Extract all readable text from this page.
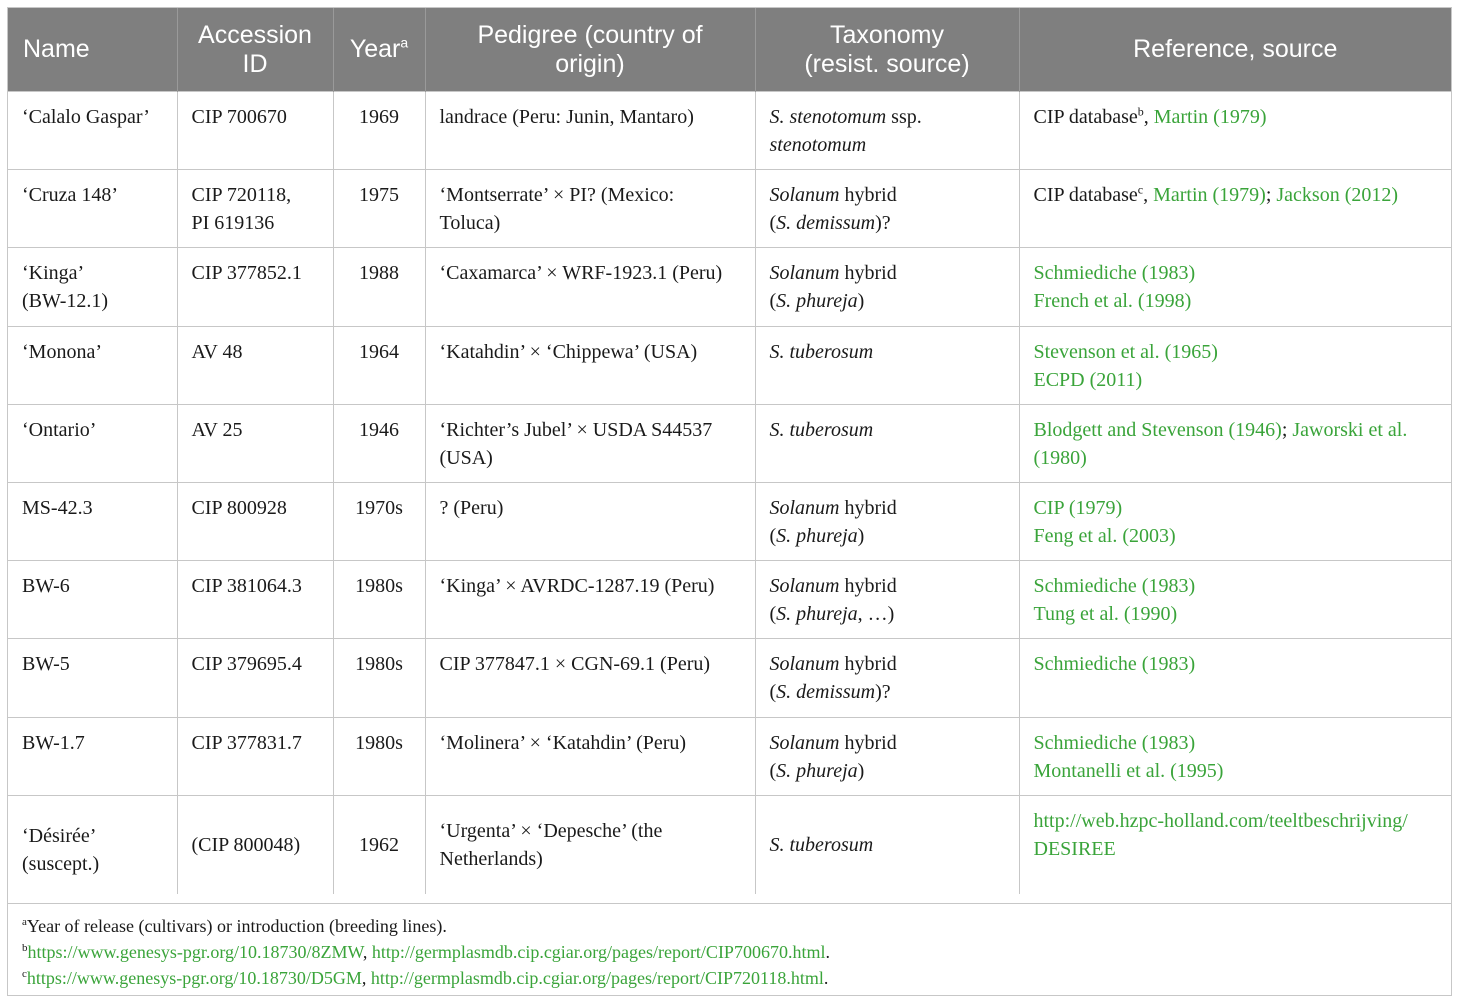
Name	Accession
ID	Year$^a$	Pedigree (country of
origin)	Taxonomy
(resist. source)	Reference, source
‘Calalo Gaspar’	CIP 700670	1969	landrace (Peru: Junin, Mantaro)	S. stenotomum ssp.
stenotomum	CIP database$^b$, Martin (1979)
‘Cruza 148’	CIP 720118,
PI 619136	1975	‘Montserrate’ × PI? (Mexico:
Toluca)	Solanum hybrid
(S. demissum)?	CIP database$^c$, Martin (1979); Jackson (2012)

‘Kinga’
(BW-12.1)	CIP 377852.1	1988	‘Caxamarca’ × WRF-1923.1 (Peru)	Solanum hybrid
(S. phureja)	Schmiediche (1983)
French et al. (1998)

‘Monona’	AV 48	1964	‘Katahdin’ × ‘Chippewa’ (USA)	S. tuberosum	Stevenson et al. (1965)
ECPD (2011)

‘Ontario’	AV 25	1946	‘Richter’s Jubel’ × USDA S44537
(USA)	S. tuberosum	Blodgett and Stevenson (1946); Jaworski et al.
(1980)
MS-42.3	CIP 800928	1970s	? (Peru)	Solanum hybrid
(S. phureja)	CIP (1979)
Feng et al. (2003)

BW-6	CIP 381064.3	1980s	‘Kinga’ × AVRDC-1287.19 (Peru)	Solanum hybrid
(S. phureja, …)	Schmiediche (1983)
Tung et al. (1990)

BW-5	CIP 379695.4	1980s	CIP 377847.1 × CGN-69.1 (Peru)	Solanum hybrid
(S. demissum)?	Schmiediche (1983)
BW-1.7	CIP 377831.7	1980s	‘Molinera’ × ‘Katahdin’ (Peru)	Solanum hybrid
(S. phureja)	Schmiediche (1983)
Montanelli et al. (1995)

‘Désirée’
(suscept.)	(CIP 800048)	1962	‘Urgenta’ × ‘Depesche’ (the
Netherlands)	S. tuberosum	http://web.hzpc-holland.com/teeltbeschrijving/
DESIREE
$^a$Year of release (cultivars) or introduction (breeding lines).
$^b$https://www.genesys-pgr.org/10.18730/8ZMW, http://germplasmdb.cip.cgiar.org/pages/report/CIP700670.html.
$^c$https://www.genesys-pgr.org/10.18730/D5GM, http://germplasmdb.cip.cgiar.org/pages/report/CIP720118.html.
